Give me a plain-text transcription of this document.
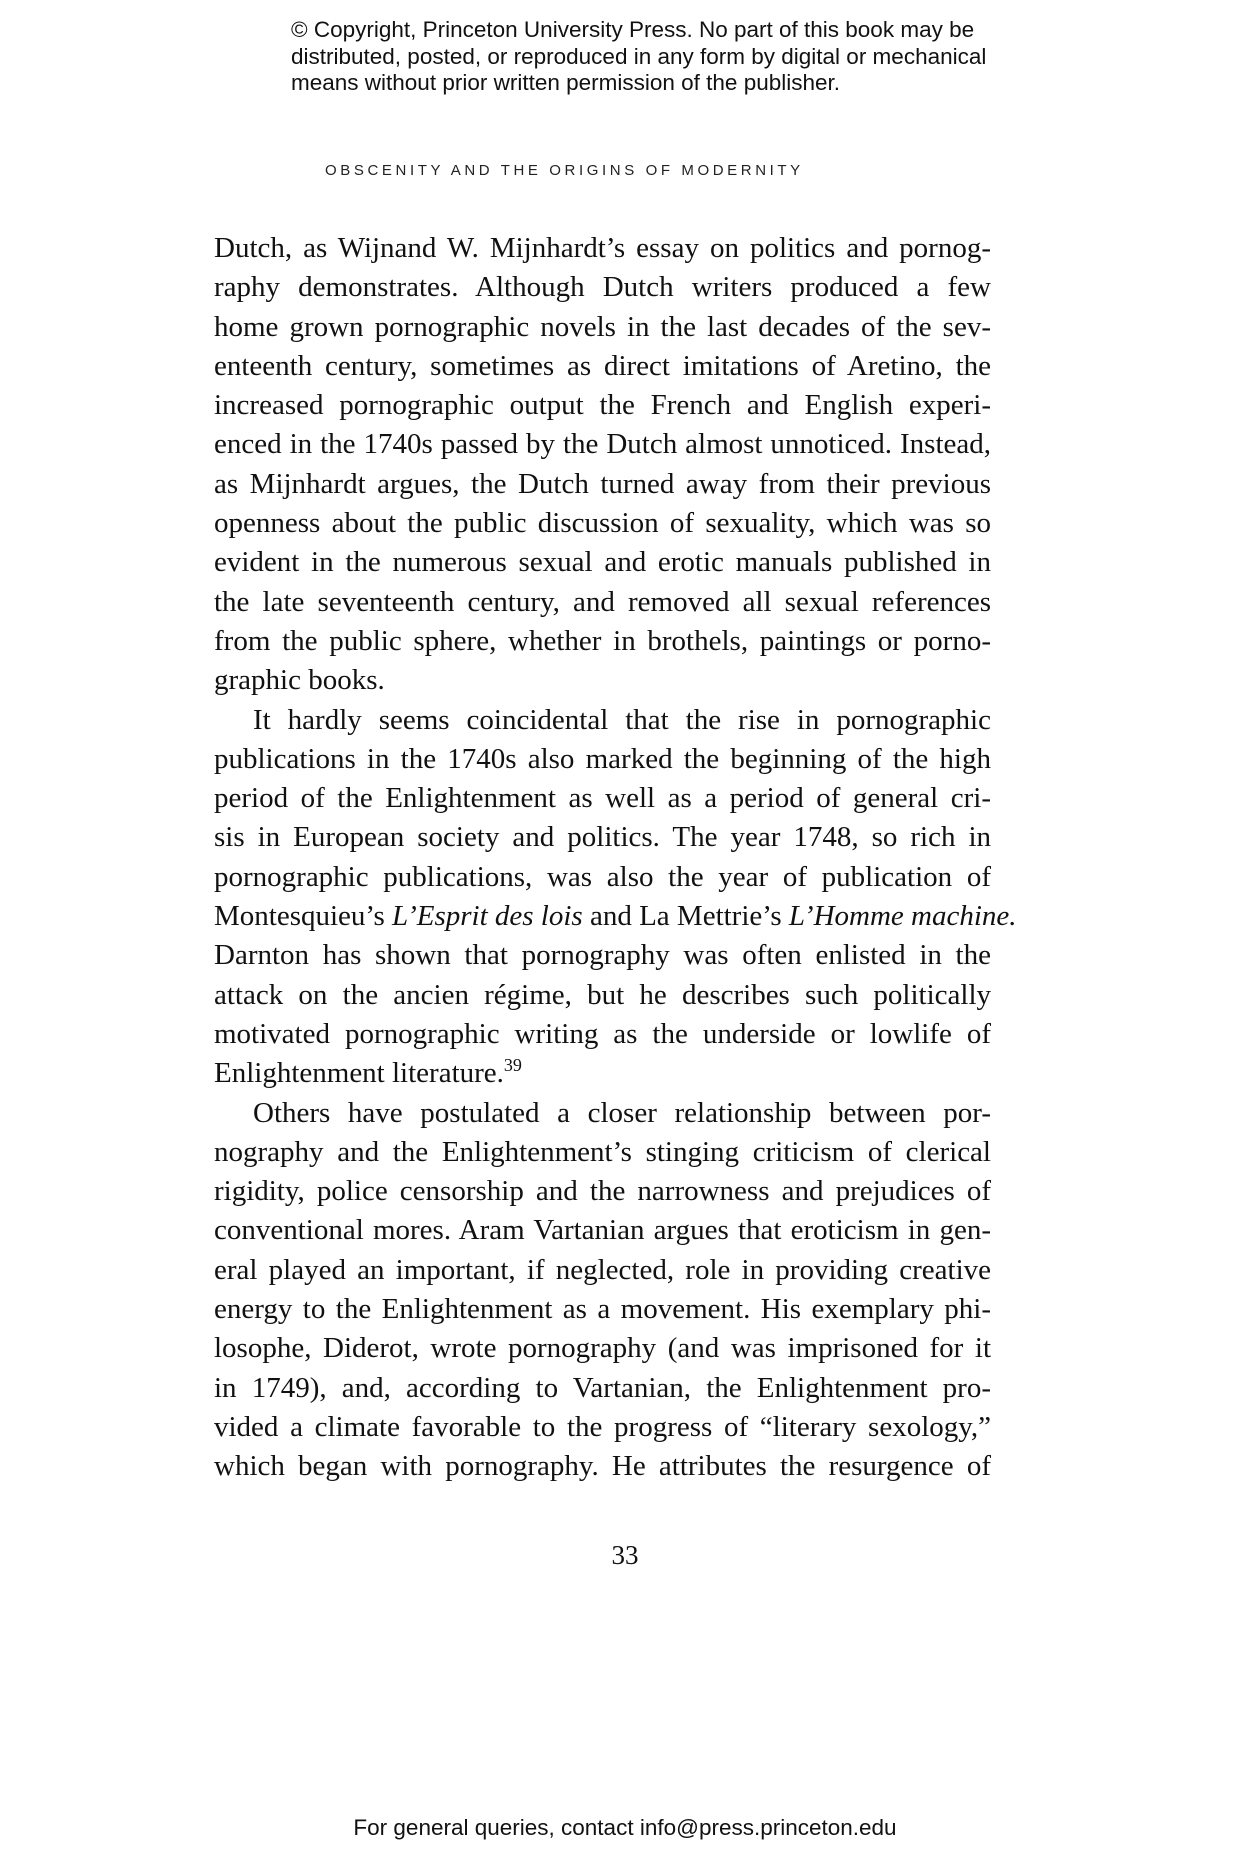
© Copyright, Princeton University Press. No part of this book may be
distributed, posted, or reproduced in any form by digital or mechanical
means without prior written permission of the publisher.
OBSCENITY AND THE ORIGINS OF MODERNITY
Dutch, as Wijnand W. Mijnhardt’s essay on politics and pornog-
raphy demonstrates. Although Dutch writers produced a few
home grown pornographic novels in the last decades of the sev-
enteenth century, sometimes as direct imitations of Aretino, the
increased pornographic output the French and English experi-
enced in the 1740s passed by the Dutch almost unnoticed. Instead,
as Mijnhardt argues, the Dutch turned away from their previous
openness about the public discussion of sexuality, which was so
evident in the numerous sexual and erotic manuals published in
the late seventeenth century, and removed all sexual references
from the public sphere, whether in brothels, paintings or porno-
graphic books.
It hardly seems coincidental that the rise in pornographic
publications in the 1740s also marked the beginning of the high
period of the Enlightenment as well as a period of general cri-
sis in European society and politics. The year 1748, so rich in
pornographic publications, was also the year of publication of
Montesquieu’s L’Esprit des lois and La Mettrie’s L’Homme machine.
Darnton has shown that pornography was often enlisted in the
attack on the ancien régime, but he describes such politically
motivated pornographic writing as the underside or lowlife of
Enlightenment literature.$^{39}$
Others have postulated a closer relationship between por-
nography and the Enlightenment’s stinging criticism of clerical
rigidity, police censorship and the narrowness and prejudices of
conventional mores. Aram Vartanian argues that eroticism in gen-
eral played an important, if neglected, role in providing creative
energy to the Enlightenment as a movement. His exemplary phi-
losophe, Diderot, wrote pornography (and was imprisoned for it
in 1749), and, according to Vartanian, the Enlightenment pro-
vided a climate favorable to the progress of “literary sexology,”
which began with pornography. He attributes the resurgence of
33
For general queries, contact info@press.princeton.edu
